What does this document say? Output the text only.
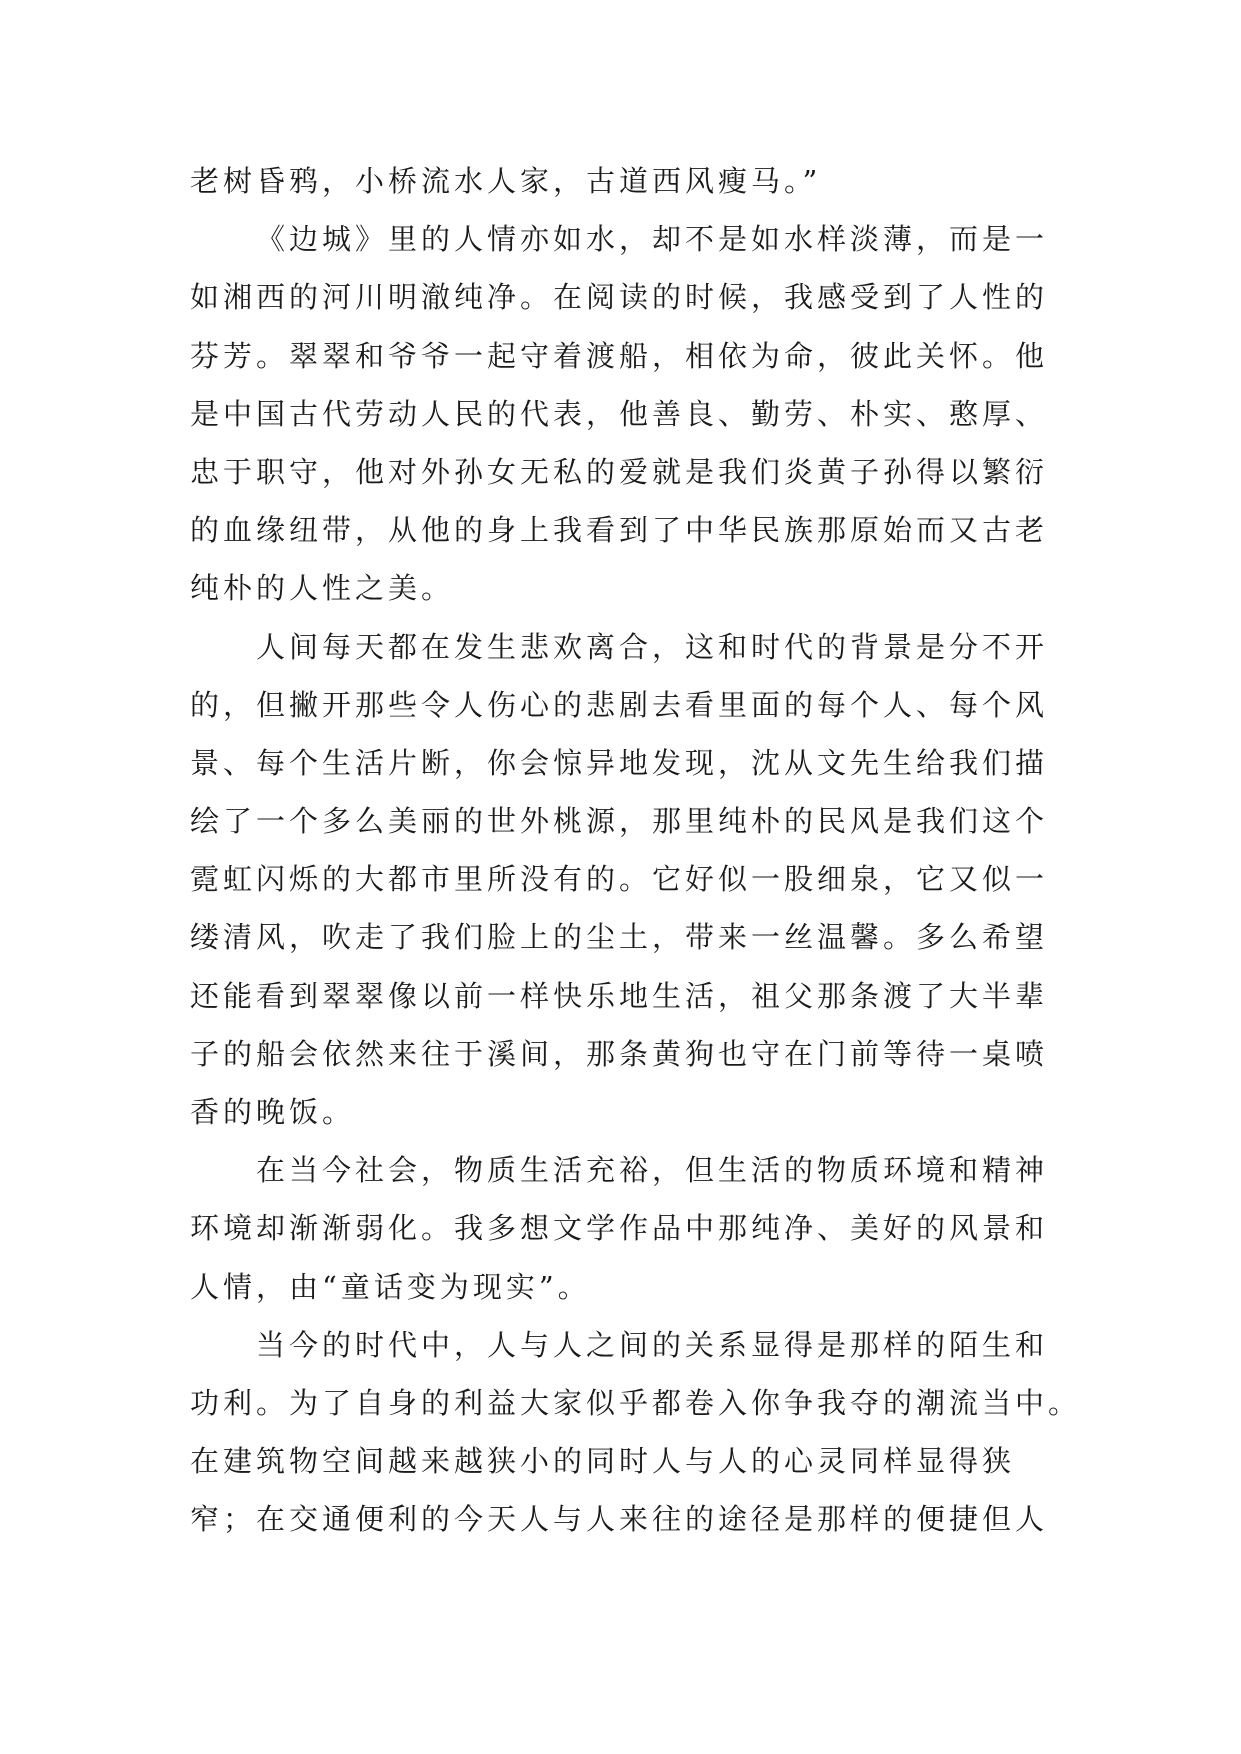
老树昏鸦，小桥流水人家，古道西风瘦马。”
《边城》里的人情亦如水，却不是如水样淡薄，而是一
如湘西的河川明澈纯净。在阅读的时候，我感受到了人性的
芬芳。翠翠和爷爷一起守着渡船，相依为命，彼此关怀。他
是中国古代劳动人民的代表，他善良、勤劳、朴实、憨厚、
忠于职守，他对外孙女无私的爱就是我们炎黄子孙得以繁衍
的血缘纽带，从他的身上我看到了中华民族那原始而又古老
纯朴的人性之美。
人间每天都在发生悲欢离合，这和时代的背景是分不开
的，但撇开那些令人伤心的悲剧去看里面的每个人、每个风
景、每个生活片断，你会惊异地发现，沈从文先生给我们描
绘了一个多么美丽的世外桃源，那里纯朴的民风是我们这个
霓虹闪烁的大都市里所没有的。它好似一股细泉，它又似一
缕清风，吹走了我们脸上的尘土，带来一丝温馨。多么希望
还能看到翠翠像以前一样快乐地生活，祖父那条渡了大半辈
子的船会依然来往于溪间，那条黄狗也守在门前等待一桌喷
香的晚饭。
在当今社会，物质生活充裕，但生活的物质环境和精神
环境却渐渐弱化。我多想文学作品中那纯净、美好的风景和
人情，由“童话变为现实”。
当今的时代中，人与人之间的关系显得是那样的陌生和
功利。为了自身的利益大家似乎都卷入你争我夺的潮流当中。
在建筑物空间越来越狭小的同时人与人的心灵同样显得狭
窄；在交通便利的今天人与人来往的途径是那样的便捷但人
